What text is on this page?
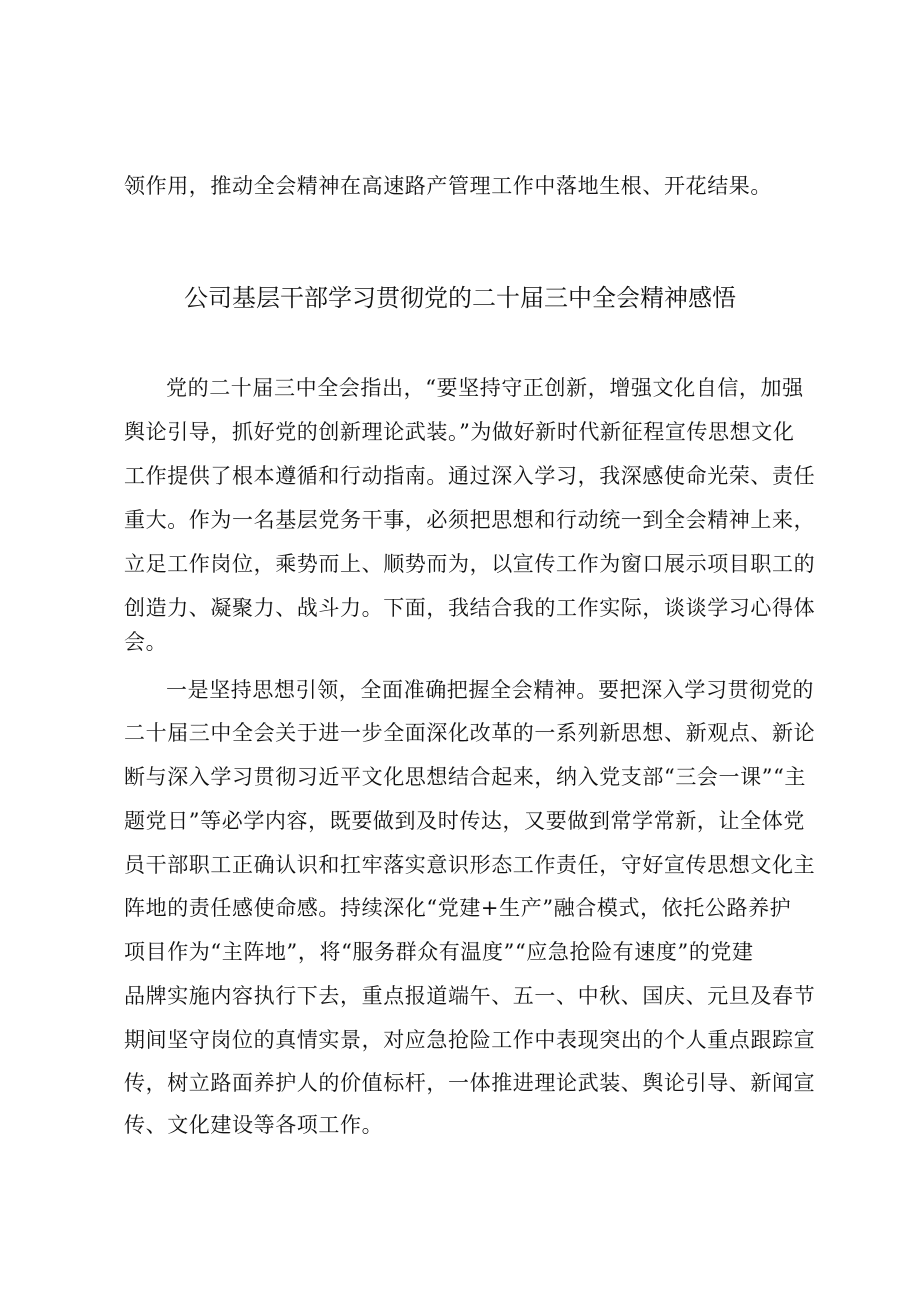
领作用，推动全会精神在高速路产管理工作中落地生根、开花结果。
公司基层干部学习贯彻党的二十届三中全会精神感悟
党的二十届三中全会指出，“要坚持守正创新，增强文化自信，加强
舆论引导，抓好党的创新理论武装。”为做好新时代新征程宣传思想文化
工作提供了根本遵循和行动指南。通过深入学习，我深感使命光荣、责任
重大。作为一名基层党务干事，必须把思想和行动统一到全会精神上来，
立足工作岗位，乘势而上、顺势而为，以宣传工作为窗口展示项目职工的
创造力、凝聚力、战斗力。下面，我结合我的工作实际，谈谈学习心得体
会。
一是坚持思想引领，全面准确把握全会精神。要把深入学习贯彻党的
二十届三中全会关于进一步全面深化改革的一系列新思想、新观点、新论
断与深入学习贯彻习近平文化思想结合起来，纳入党支部“三会一课”“主
题党日”等必学内容，既要做到及时传达，又要做到常学常新，让全体党
员干部职工正确认识和扛牢落实意识形态工作责任，守好宣传思想文化主
阵地的责任感使命感。持续深化“党建+生产”融合模式，依托公路养护
项目作为“主阵地”，将“服务群众有温度”“应急抢险有速度”的党建
品牌实施内容执行下去，重点报道端午、五一、中秋、国庆、元旦及春节
期间坚守岗位的真情实景，对应急抢险工作中表现突出的个人重点跟踪宣
传，树立路面养护人的价值标杆，一体推进理论武装、舆论引导、新闻宣
传、文化建设等各项工作。
